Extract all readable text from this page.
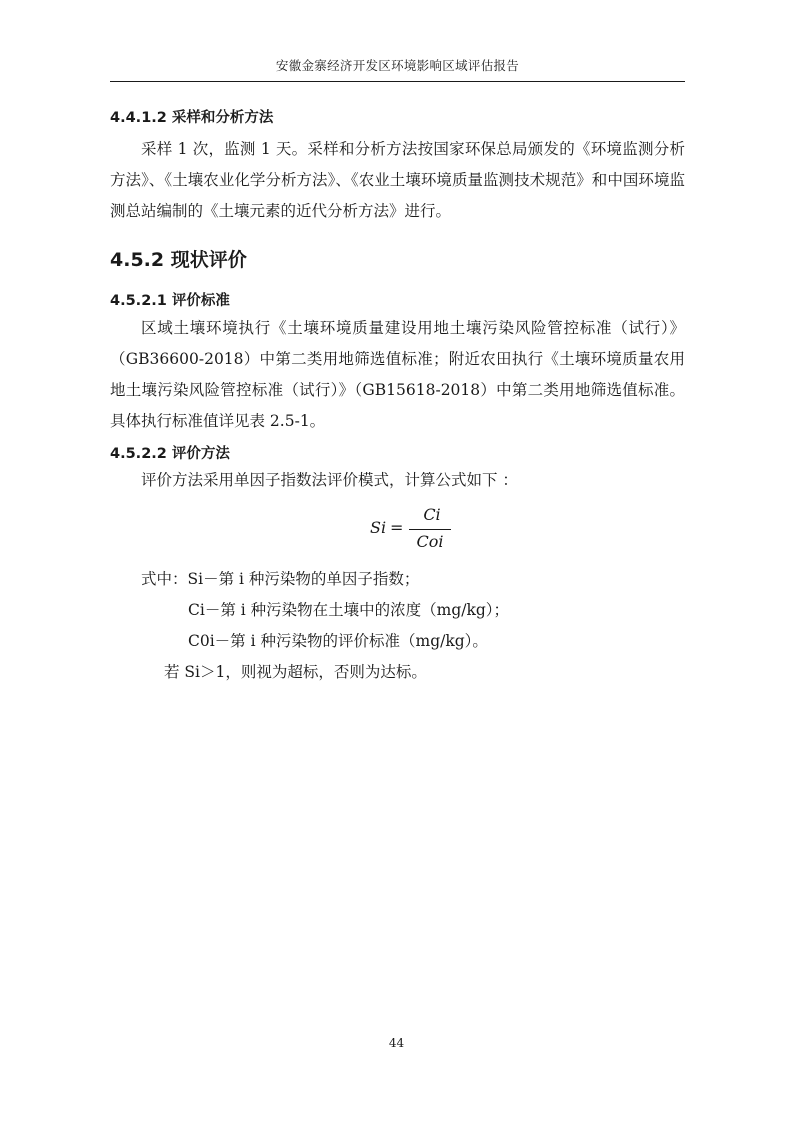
安徽金寨经济开发区环境影响区域评估报告
4.4.1.2 采样和分析方法

采样 1 次，监测 1 天。采样和分析方法按国家环保总局颁发的《环境监测分析方法》、《土壤农业化学分析方法》、《农业土壤环境质量监测技术规范》和中国环境监测总站编制的《土壤元素的近代分析方法》进行。

4.5.2 现状评价
4.5.2.1 评价标准

区域土壤环境执行《土壤环境质量建设用地土壤污染风险管控标准（试行）》（GB36600-2018）中第二类用地筛选值标准；附近农田执行《土壤环境质量农用地土壤污染风险管控标准（试行）》（GB15618-2018）中第二类用地筛选值标准。具体执行标准值详见表 2.5-1。

4.5.2.2 评价方法
评价方法采用单因子指数法评价模式，计算公式如下 ：
Si =
Ci
Coi
式中：Si－第 i 种污染物的单因子指数；
Ci－第 i 种污染物在土壤中的浓度（mg/kg）；
C0i－第 i 种污染物的评价标准（mg/kg）。
若 Si＞1，则视为超标，否则为达标。
44
